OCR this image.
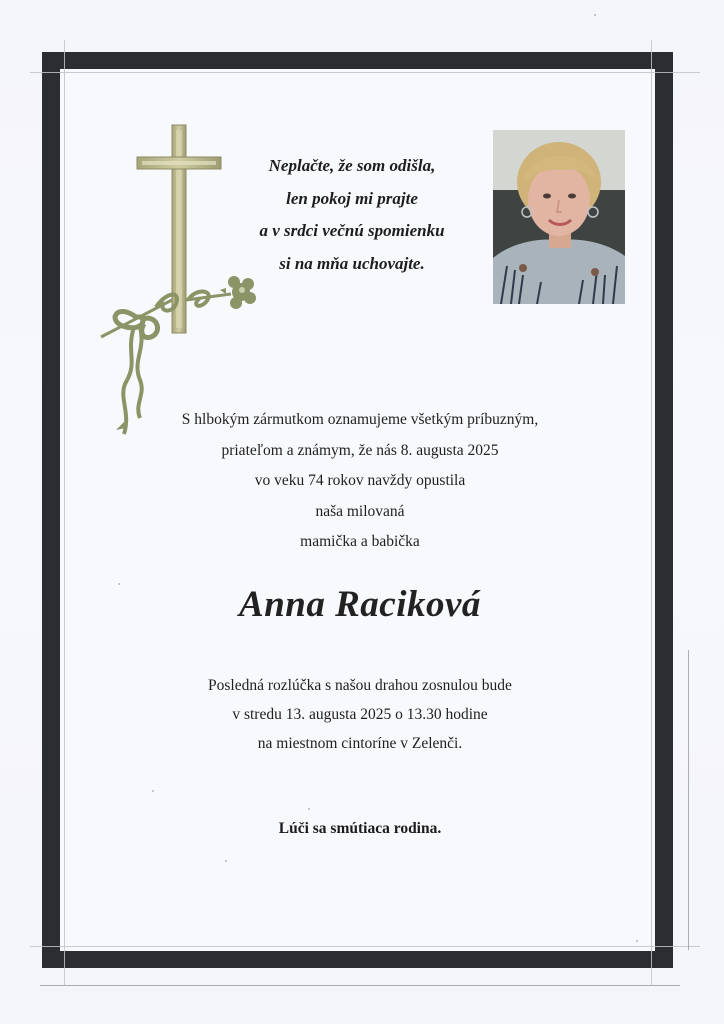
Neplačte, že som odišla,
len pokoj mi prajte
a v srdci večnú spomienku
si na mňa uchovajte.
S hlbokým zármutkom oznamujeme všetkým príbuzným,
priateľom a známym, že nás 8. augusta 2025
vo veku 74 rokov navždy opustila
naša milovaná
mamička a babička
Anna Raciková
Posledná rozlúčka s našou drahou zosnulou bude
v stredu 13. augusta 2025 o 13.30 hodine
na miestnom cintoríne v Zelenči.
Lúči sa smútiaca rodina.
